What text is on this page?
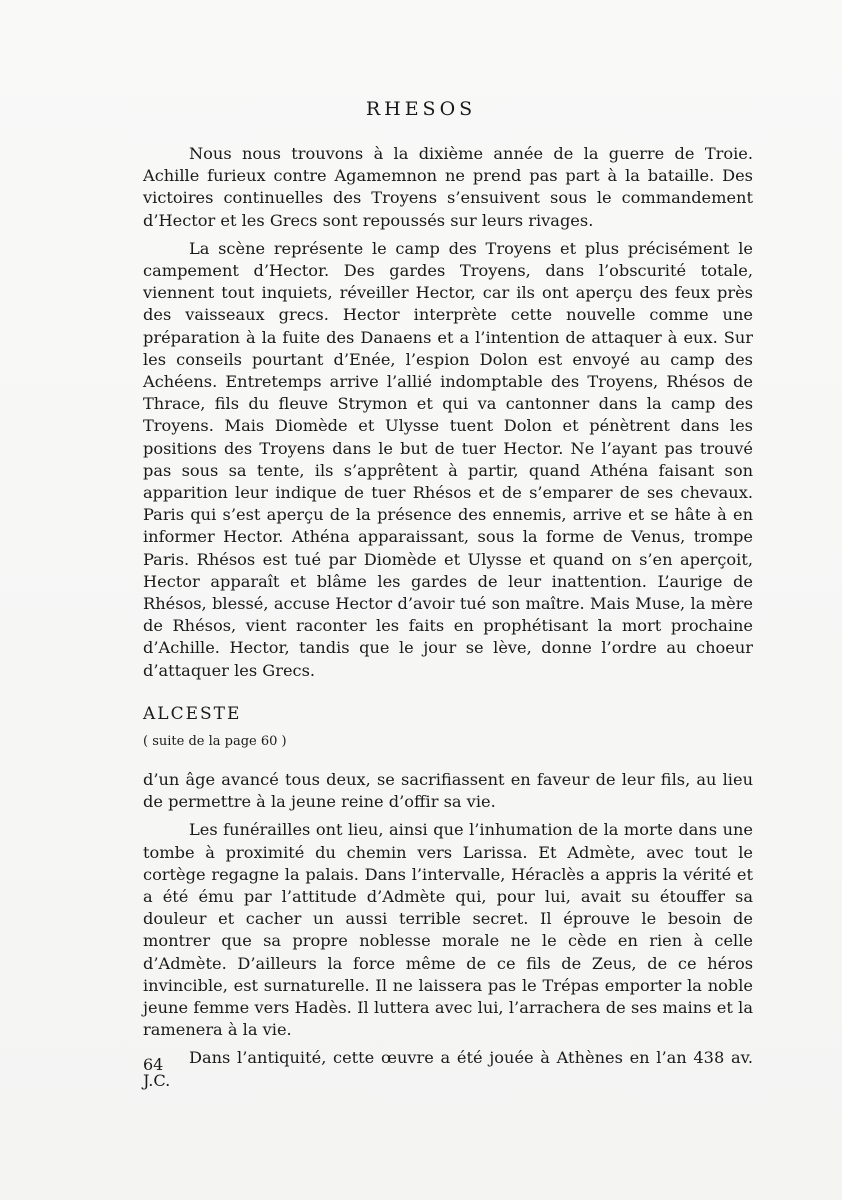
RHESOS

Nous nous trouvons à la dixième année de la guerre de Troie. Achille furieux contre Agamemnon ne prend pas part à la bataille. Des victoires continuelles des Troyens s’ensuivent sous le commandement d’Hector et les Grecs sont repoussés sur leurs rivages.

La scène représente le camp des Troyens et plus précisément le campement d’Hector. Des gardes Troyens, dans l’obscurité totale, viennent tout inquiets, réveiller Hector, car ils ont aperçu des feux près des vaisseaux grecs. Hector interprète cette nouvelle comme une préparation à la fuite des Danaens et a l’intention de attaquer à eux. Sur les conseils pourtant d’Enée, l’espion Dolon est envoyé au camp des Achéens. Entretemps arrive l’allié indomptable des Troyens, Rhésos de Thrace, fils du fleuve Strymon et qui va cantonner dans la camp des Troyens. Mais Diomède et Ulysse tuent Dolon et pénètrent dans les positions des Troyens dans le but de tuer Hector. Ne l’ayant pas trouvé pas sous sa tente, ils s’apprêtent à partir, quand Athéna faisant son apparition leur indique de tuer Rhésos et de s’emparer de ses chevaux. Paris qui s’est aperçu de la présence des ennemis, arrive et se hâte à en informer Hector. Athéna apparaissant, sous la forme de Venus, trompe Paris. Rhésos est tué par Diomède et Ulysse et quand on s’en aperçoit, Hector apparaît et blâme les gardes de leur inattention. L’aurige de Rhésos, blessé, accuse Hector d’avoir tué son maître. Mais Muse, la mère de Rhésos, vient raconter les faits en prophétisant la mort prochaine d’Achille. Hector, tandis que le jour se lève, donne l’ordre au choeur d’attaquer les Grecs.

ALCESTE
( suite de la page 60 )

d’un âge avancé tous deux, se sacrifiassent en faveur de leur fils, au lieu de permettre à la jeune reine d’offir sa vie.

Les funérailles ont lieu, ainsi que l’inhumation de la morte dans une tombe à proximité du chemin vers Larissa. Et Admète, avec tout le cortège regagne la palais. Dans l’intervalle, Héraclès a appris la vérité et a été ému par l’attitude d’Admète qui, pour lui, avait su étouffer sa douleur et cacher un aussi terrible secret. Il éprouve le besoin de montrer que sa propre noblesse morale ne le cède en rien à celle d’Admète. D’ailleurs la force même de ce fils de Zeus, de ce héros invincible, est surnaturelle. Il ne laissera pas le Trépas emporter la noble jeune femme vers Hadès. Il luttera avec lui, l’arrachera de ses mains et la ramenera à la vie.

Dans l’antiquité, cette œuvre a été jouée à Athènes en l’an 438 av. J.C.

64
